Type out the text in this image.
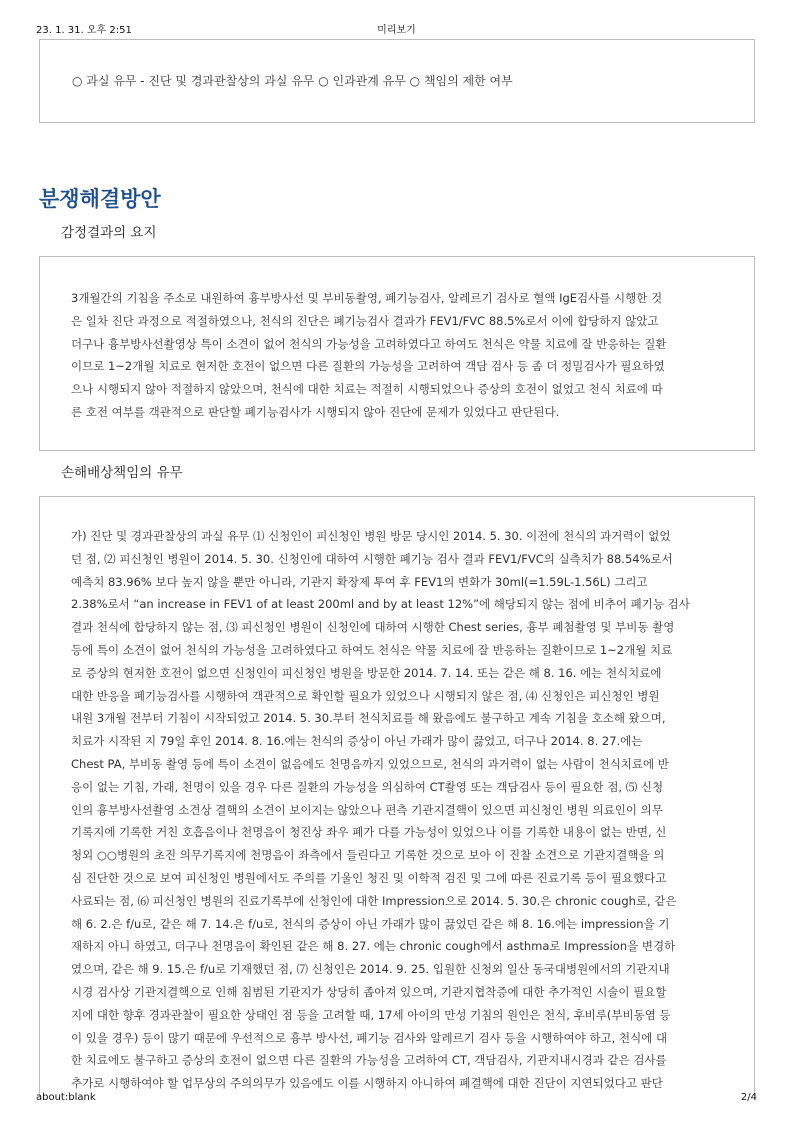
23. 1. 31. 오후 2:51	미리보기
○ 과실 유무 - 진단 및 경과관찰상의 과실 유무 ○ 인과관계 유무 ○ 책임의 제한 여부
분쟁해결방안
감정결과의 요지
3개월간의 기침을 주소로 내원하여 흉부방사선 및 부비동촬영, 폐기능검사, 알레르기 검사로 혈액 IgE검사를 시행한 것
은 일차 진단 과정으로 적절하였으나, 천식의 진단은 폐기능검사 결과가 FEV1/FVC 88.5%로서 이에 합당하지 않았고
더구나 흉부방사선촬영상 특이 소견이 없어 천식의 가능성을 고려하였다고 하여도 천식은 약물 치료에 잘 반응하는 질환
이므로 1~2개월 치료로 현저한 호전이 없으면 다른 질환의 가능성을 고려하여 객담 검사 등 좀 더 정밀검사가 필요하였
으나 시행되지 않아 적절하지 않았으며, 천식에 대한 치료는 적절히 시행되었으나 증상의 호전이 없었고 천식 치료에 따
른 호전 여부를 객관적으로 판단할 폐기능검사가 시행되지 않아 진단에 문제가 있었다고 판단된다.
손해배상책임의 유무
가) 진단 및 경과관찰상의 과실 유무 ⑴ 신청인이 피신청인 병원 방문 당시인 2014. 5. 30. 이전에 천식의 과거력이 없었
던 점, ⑵ 피신청인 병원이 2014. 5. 30. 신청인에 대하여 시행한 폐기능 검사 결과 FEV1/FVC의 실측치가 88.54%로서
예측치 83.96% 보다 높지 않을 뿐만 아니라, 기관지 확장제 투여 후 FEV1의 변화가 30ml(=1.59L-1.56L) 그리고
2.38%로서 “an increase in FEV1 of at least 200ml and by at least 12%”에 해당되지 않는 점에 비추어 폐기능 검사
결과 천식에 합당하지 않는 점, ⑶ 피신청인 병원이 신청인에 대하여 시행한 Chest series, 흉부 폐첨촬영 및 부비동 촬영
등에 특이 소견이 없어 천식의 가능성을 고려하였다고 하여도 천식은 약물 치료에 잘 반응하는 질환이므로 1~2개월 치료
로 증상의 현저한 호전이 없으면 신청인이 피신청인 병원을 방문한 2014. 7. 14. 또는 같은 해 8. 16. 에는 천식치료에
대한 반응을 폐기능검사를 시행하여 객관적으로 확인할 필요가 있었으나 시행되지 않은 점, ⑷ 신청인은 피신청인 병원
내원 3개월 전부터 기침이 시작되었고 2014. 5. 30.부터 천식치료를 해 왔음에도 불구하고 계속 기침을 호소해 왔으며,
치료가 시작된 지 79일 후인 2014. 8. 16.에는 천식의 증상이 아닌 가래가 많이 끓었고, 더구나 2014. 8. 27.에는
Chest PA, 부비동 촬영 등에 특이 소견이 없음에도 천명음까지 있었으므로, 천식의 과거력이 없는 사람이 천식치료에 반
응이 없는 기침, 가래, 천명이 있을 경우 다른 질환의 가능성을 의심하여 CT촬영 또는 객담검사 등이 필요한 점, ⑸ 신청
인의 흉부방사선촬영 소견상 결핵의 소견이 보이지는 않았으나 편측 기관지결핵이 있으면 피신청인 병원 의료인이 의무
기록지에 기록한 거친 호흡음이나 천명음이 청진상 좌우 폐가 다를 가능성이 있었으나 이를 기록한 내용이 없는 반면, 신
청외 ○○병원의 초진 의무기록지에 천명음이 좌측에서 들린다고 기록한 것으로 보아 이 진찰 소견으로 기관지결핵을 의
심 진단한 것으로 보여 피신청인 병원에서도 주의를 기울인 청진 및 이학적 검진 및 그에 따른 진료기록 등이 필요했다고
사료되는 점, ⑹ 피신청인 병원의 진료기록부에 신청인에 대한 Impression으로 2014. 5. 30.은 chronic cough로, 같은
해 6. 2.은 f/u로, 같은 해 7. 14.은 f/u로, 천식의 증상이 아닌 가래가 많이 끓었던 같은 해 8. 16.에는 impression을 기
재하지 아니 하였고, 더구나 천명음이 확인된 같은 해 8. 27. 에는 chronic cough에서 asthma로 Impression을 변경하
였으며, 같은 해 9. 15.은 f/u로 기재했던 점, ⑺ 신청인은 2014. 9. 25. 입원한 신청외 일산 동국대병원에서의 기관지내
시경 검사상 기관지결핵으로 인해 침범된 기관지가 상당히 좁아져 있으며, 기관지협착증에 대한 추가적인 시술이 필요할
지에 대한 향후 경과관찰이 필요한 상태인 점 등을 고려할 때, 17세 아이의 만성 기침의 원인은 천식, 후비루(부비동염 등
이 있을 경우) 등이 많기 때문에 우선적으로 흉부 방사선, 폐기능 검사와 알레르기 검사 등을 시행하여야 하고, 천식에 대
한 치료에도 불구하고 증상의 호전이 없으면 다른 질환의 가능성을 고려하여 CT, 객담검사, 기관지내시경과 같은 검사를
추가로 시행하여야 할 업무상의 주의의무가 있음에도 이를 시행하지 아니하여 폐결핵에 대한 진단이 지연되었다고 판단
about:blank	2/4
